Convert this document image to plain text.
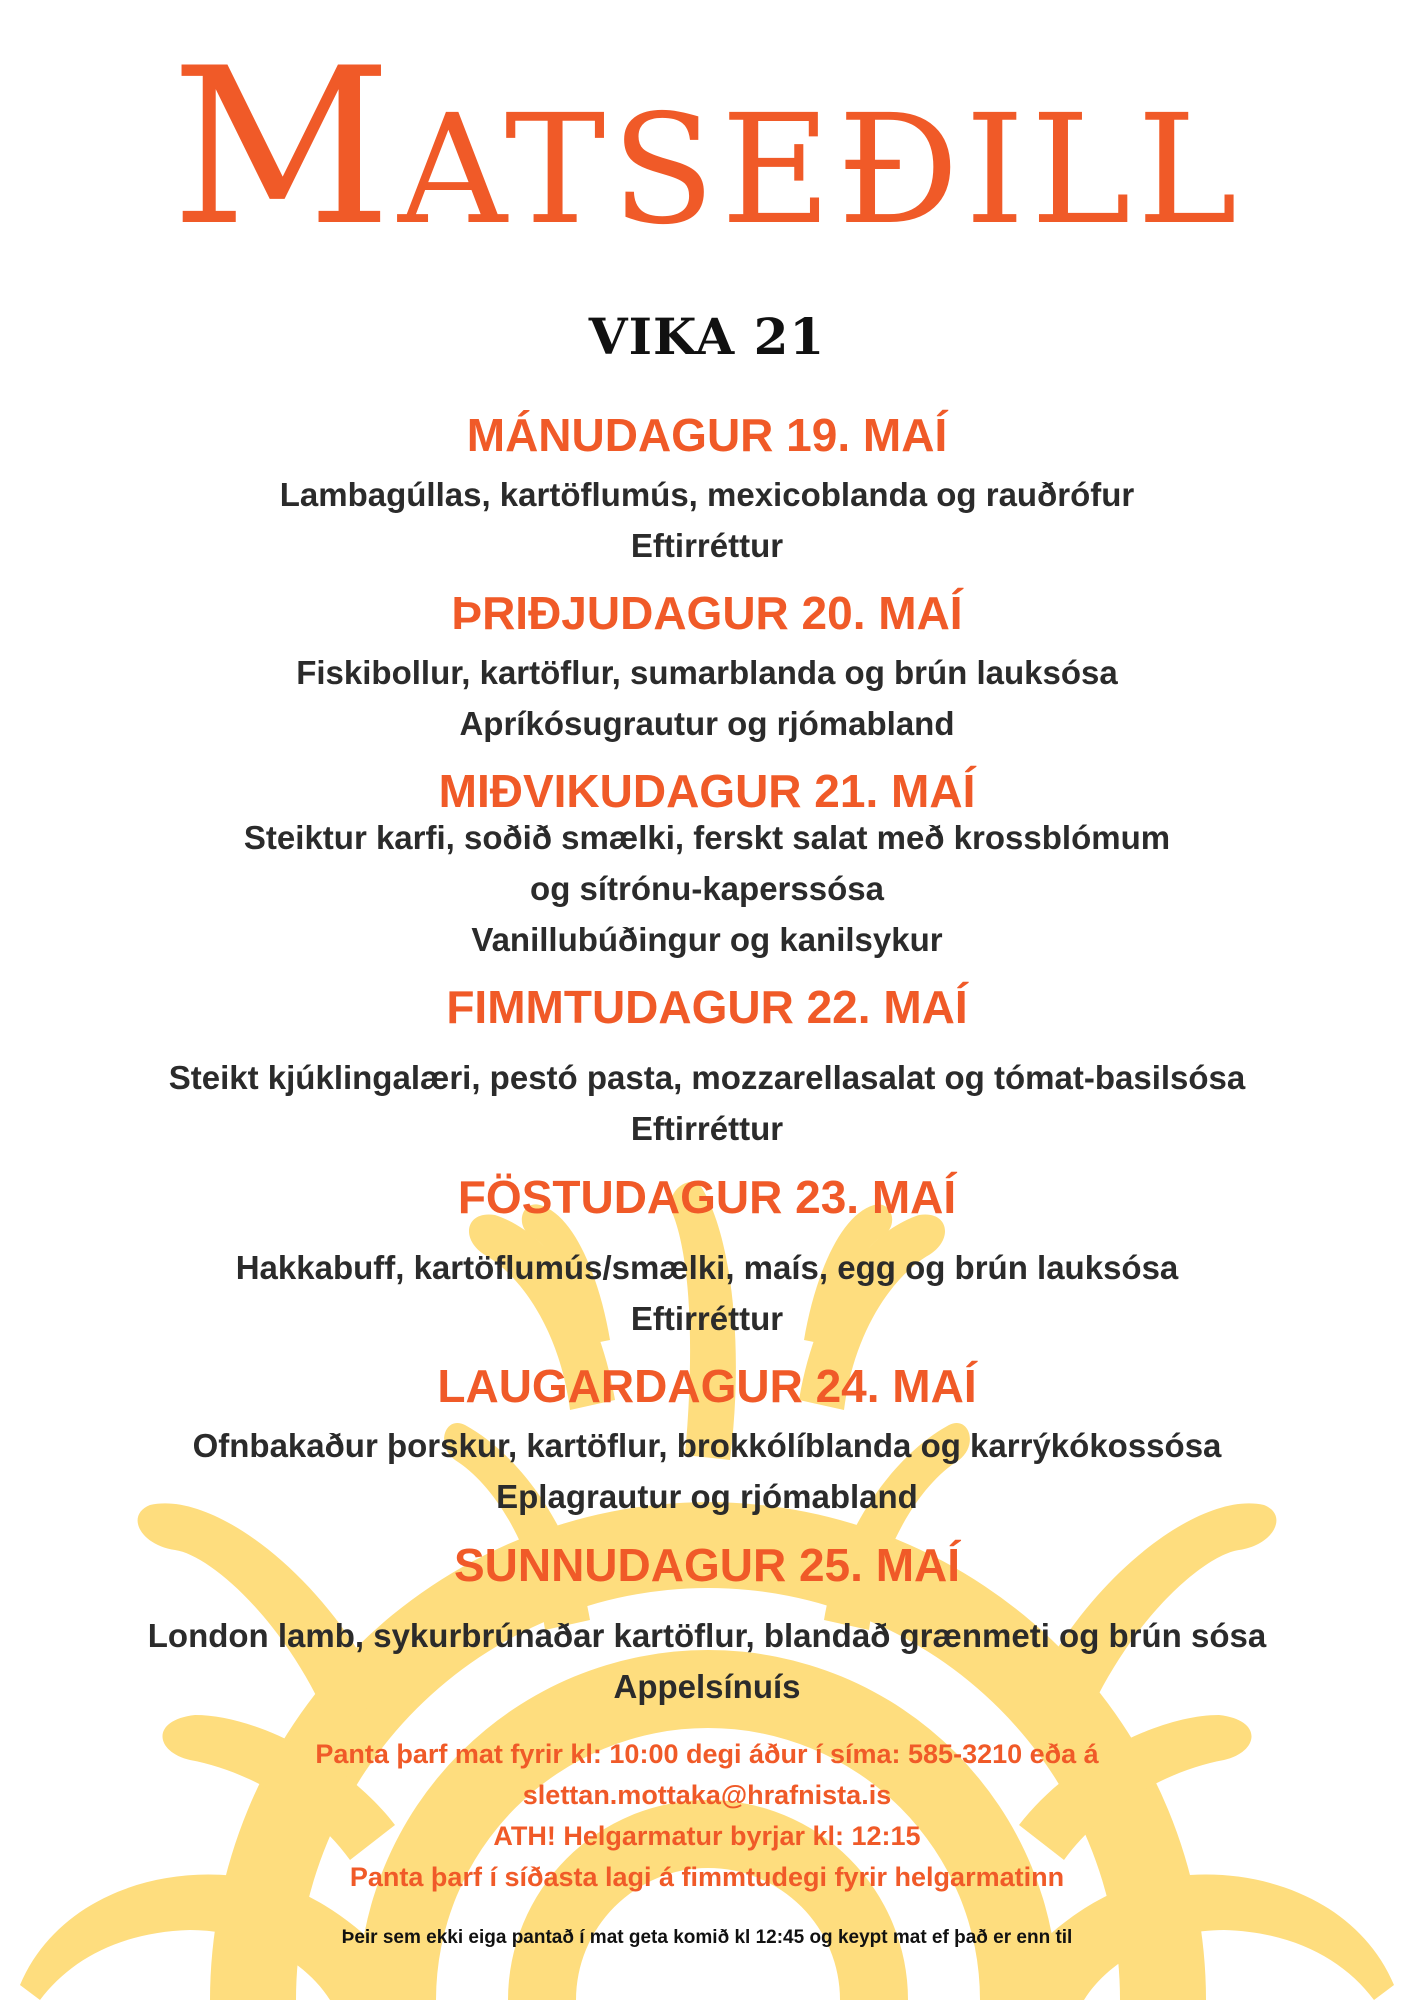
Matseðill
VIKA 21
MÁNUDAGUR 19. MAÍ
Lambagúllas, kartöflumús, mexicoblanda og rauðrófur
Eftirréttur
ÞRIÐJUDAGUR 20. MAÍ
Fiskibollur, kartöflur, sumarblanda og brún lauksósa
Apríkósugrautur og rjómabland
MIÐVIKUDAGUR 21. MAÍ
Steiktur karfi, soðið smælki, ferskt salat með krossblómum
og sítrónu-kaperssósa
Vanillubúðingur og kanilsykur
FIMMTUDAGUR 22. MAÍ
Steikt kjúklingalæri, pestó pasta, mozzarellasalat og tómat-basilsósa
Eftirréttur
FÖSTUDAGUR 23. MAÍ
Hakkabuff, kartöflumús/smælki, maís, egg og brún lauksósa
Eftirréttur
LAUGARDAGUR 24. MAÍ
Ofnbakaður þorskur, kartöflur, brokkólíblanda og karrýkókossósa
Eplagrautur og rjómabland
SUNNUDAGUR 25. MAÍ
London lamb, sykurbrúnaðar kartöflur, blandað grænmeti og brún sósa
Appelsínuís
Panta þarf mat fyrir kl: 10:00 degi áður í síma: 585-3210 eða á
slettan.mottaka@hrafnista.is
ATH! Helgarmatur byrjar kl: 12:15
Panta þarf í síðasta lagi á fimmtudegi fyrir helgarmatinn
Þeir sem ekki eiga pantað í mat geta komið kl 12:45 og keypt mat ef það er enn til
